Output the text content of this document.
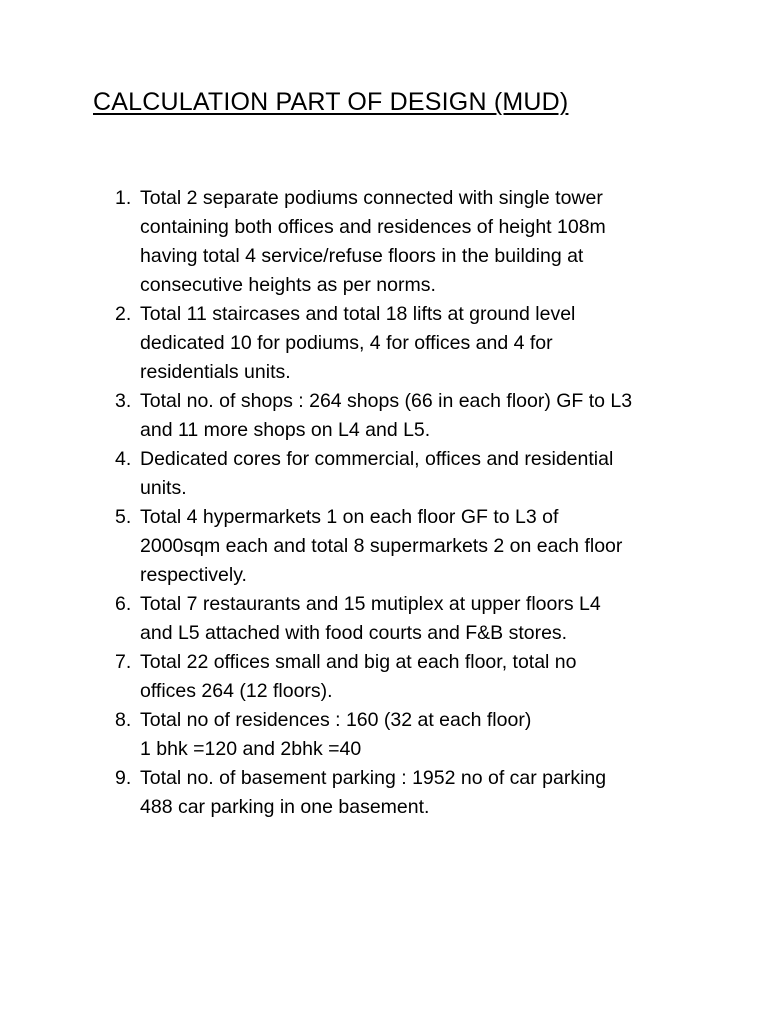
CALCULATION PART OF DESIGN (MUD)
1. Total 2 separate podiums connected with single tower
containing both offices and residences of height 108m
having total 4 service/refuse floors in the building at
consecutive heights as per norms.
2. Total 11 staircases and total 18 lifts at ground level
dedicated 10 for podiums, 4 for offices and 4 for
residentials units.
3. Total no. of shops : 264 shops (66 in each floor) GF to L3
and 11 more shops on L4 and L5.
4. Dedicated cores for commercial, offices and residential
units.
5. Total 4 hypermarkets 1 on each floor GF to L3 of
2000sqm each and total 8 supermarkets 2 on each floor
respectively.
6. Total 7 restaurants and 15 mutiplex at upper floors L4
and L5 attached with food courts and F&B stores.
7. Total 22 offices small and big at each floor, total no
offices 264 (12 floors).
8. Total no of residences : 160 (32 at each floor)
1 bhk =120 and 2bhk =40
9. Total no. of basement parking : 1952 no of car parking
488 car parking in one basement.
